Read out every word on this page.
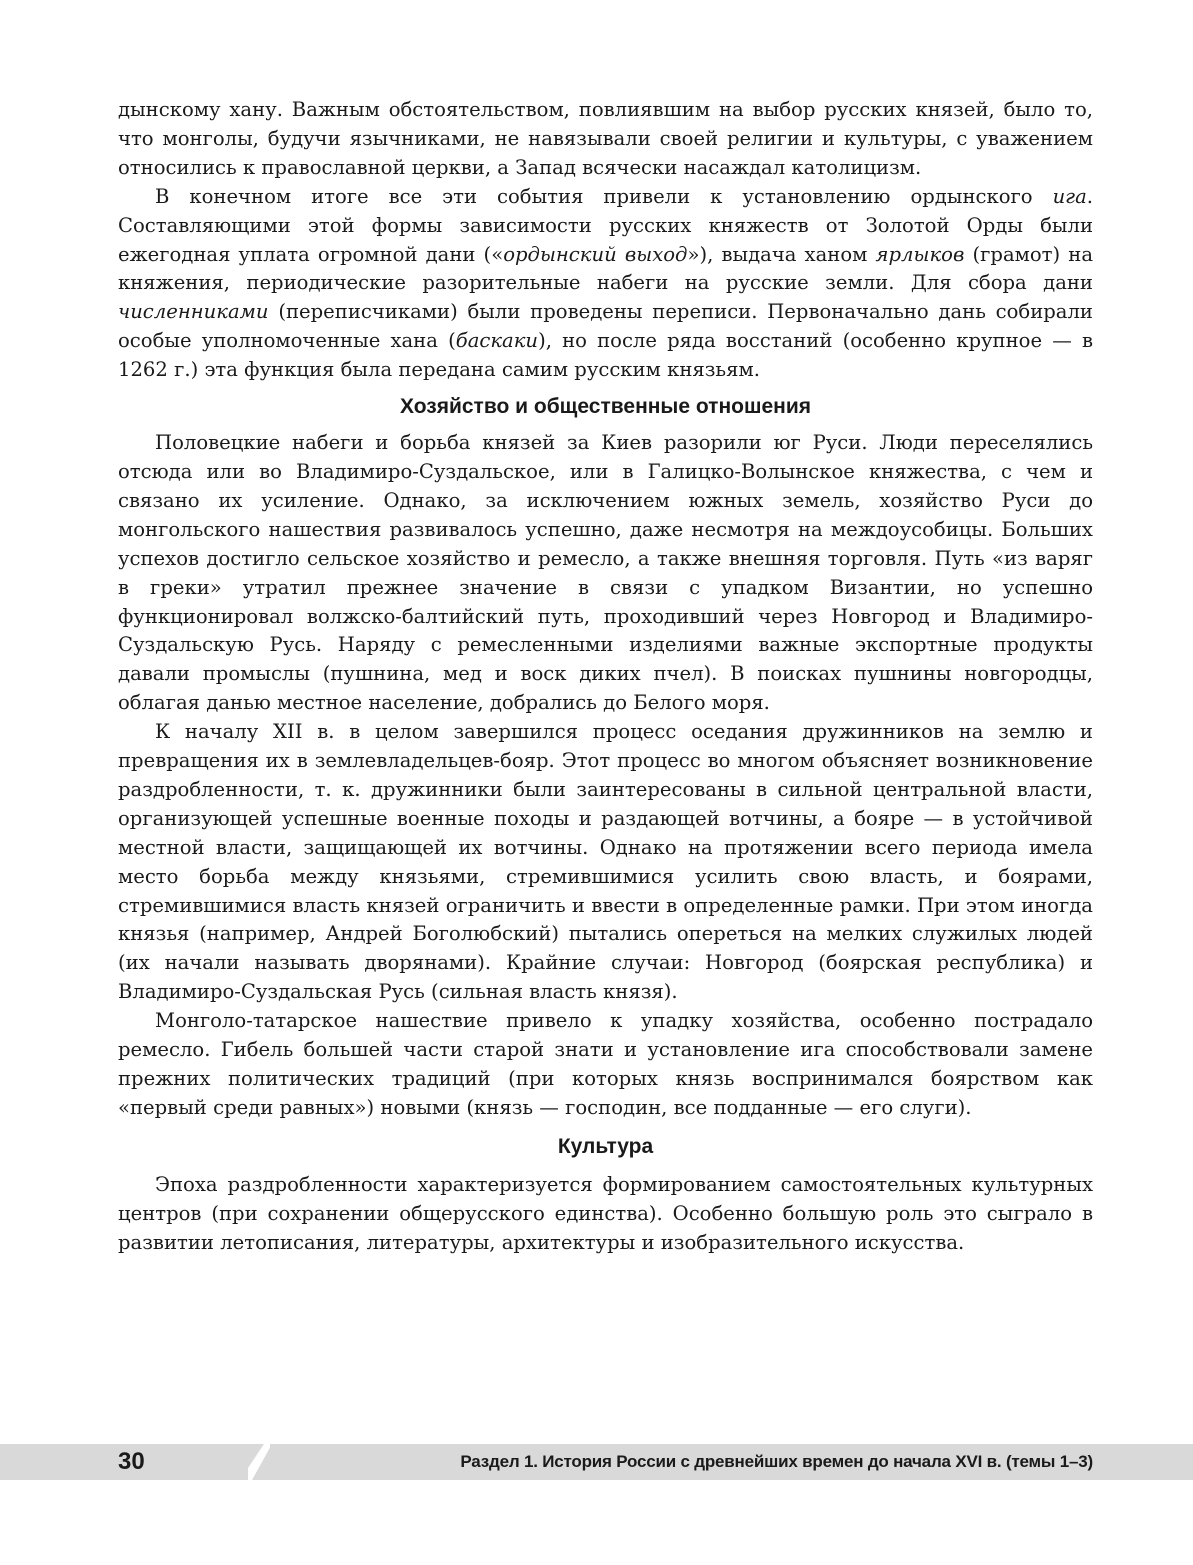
дынскому хану. Важным обстоятельством, повлиявшим на выбор русских князей, было то, что монголы, будучи язычниками, не навязывали своей религии и культуры, с уважением относились к православной церкви, а Запад всячески насаждал католицизм.

В конечном итоге все эти события привели к установлению ордынского ига. Составляющими этой формы зависимости русских княжеств от Золотой Орды были ежегодная уплата огромной дани («ордынский выход»), выдача ханом ярлыков (грамот) на княжения, периодические разорительные набеги на русские земли. Для сбора дани численниками (переписчиками) были проведены переписи. Первоначально дань собирали особые уполномоченные хана (баскаки), но после ряда восстаний (особенно крупное — в 1262 г.) эта функция была передана самим русским князьям.

Хозяйство и общественные отношения

Половецкие набеги и борьба князей за Киев разорили юг Руси. Люди переселялись отсюда или во Владимиро-Суздальское, или в Галицко-Волынское княжества, с чем и связано их усиление. Однако, за исключением южных земель, хозяйство Руси до монгольского нашествия развивалось успешно, даже несмотря на междоусобицы. Больших успехов достигло сельское хозяйство и ремесло, а также внешняя торговля. Путь «из варяг в греки» утратил прежнее значение в связи с упадком Византии, но успешно функционировал волжско-балтийский путь, проходивший через Новгород и Владимиро-Суздальскую Русь. Наряду с ремесленными изделиями важные экспортные продукты давали промыслы (пушнина, мед и воск диких пчел). В поисках пушнины новгородцы, облагая данью местное население, добрались до Белого моря.

К началу XII в. в целом завершился процесс оседания дружинников на землю и превращения их в землевладельцев-бояр. Этот процесс во многом объясняет возникновение раздробленности, т. к. дружинники были заинтересованы в сильной центральной власти, организующей успешные военные походы и раздающей вотчины, а бояре — в устойчивой местной власти, защищающей их вотчины. Однако на протяжении всего периода имела место борьба между князьями, стремившимися усилить свою власть, и боярами, стремившимися власть князей ограничить и ввести в определенные рамки. При этом иногда князья (например, Андрей Боголюбский) пытались опереться на мелких служилых людей (их начали называть дворянами). Крайние случаи: Новгород (боярская республика) и Владимиро-Суздальская Русь (сильная власть князя).

Монголо-татарское нашествие привело к упадку хозяйства, особенно пострадало ремесло. Гибель большей части старой знати и установление ига способствовали замене прежних политических традиций (при которых князь воспринимался боярством как «первый среди равных») новыми (князь — господин, все подданные — его слуги).

Культура

Эпоха раздробленности характеризуется формированием самостоятельных культурных центров (при сохранении общерусского единства). Особенно большую роль это сыграло в развитии летописания, литературы, архитектуры и изобразительного искусства.

30	Раздел 1. История России с древнейших времен до начала XVI в. (темы 1–3)
